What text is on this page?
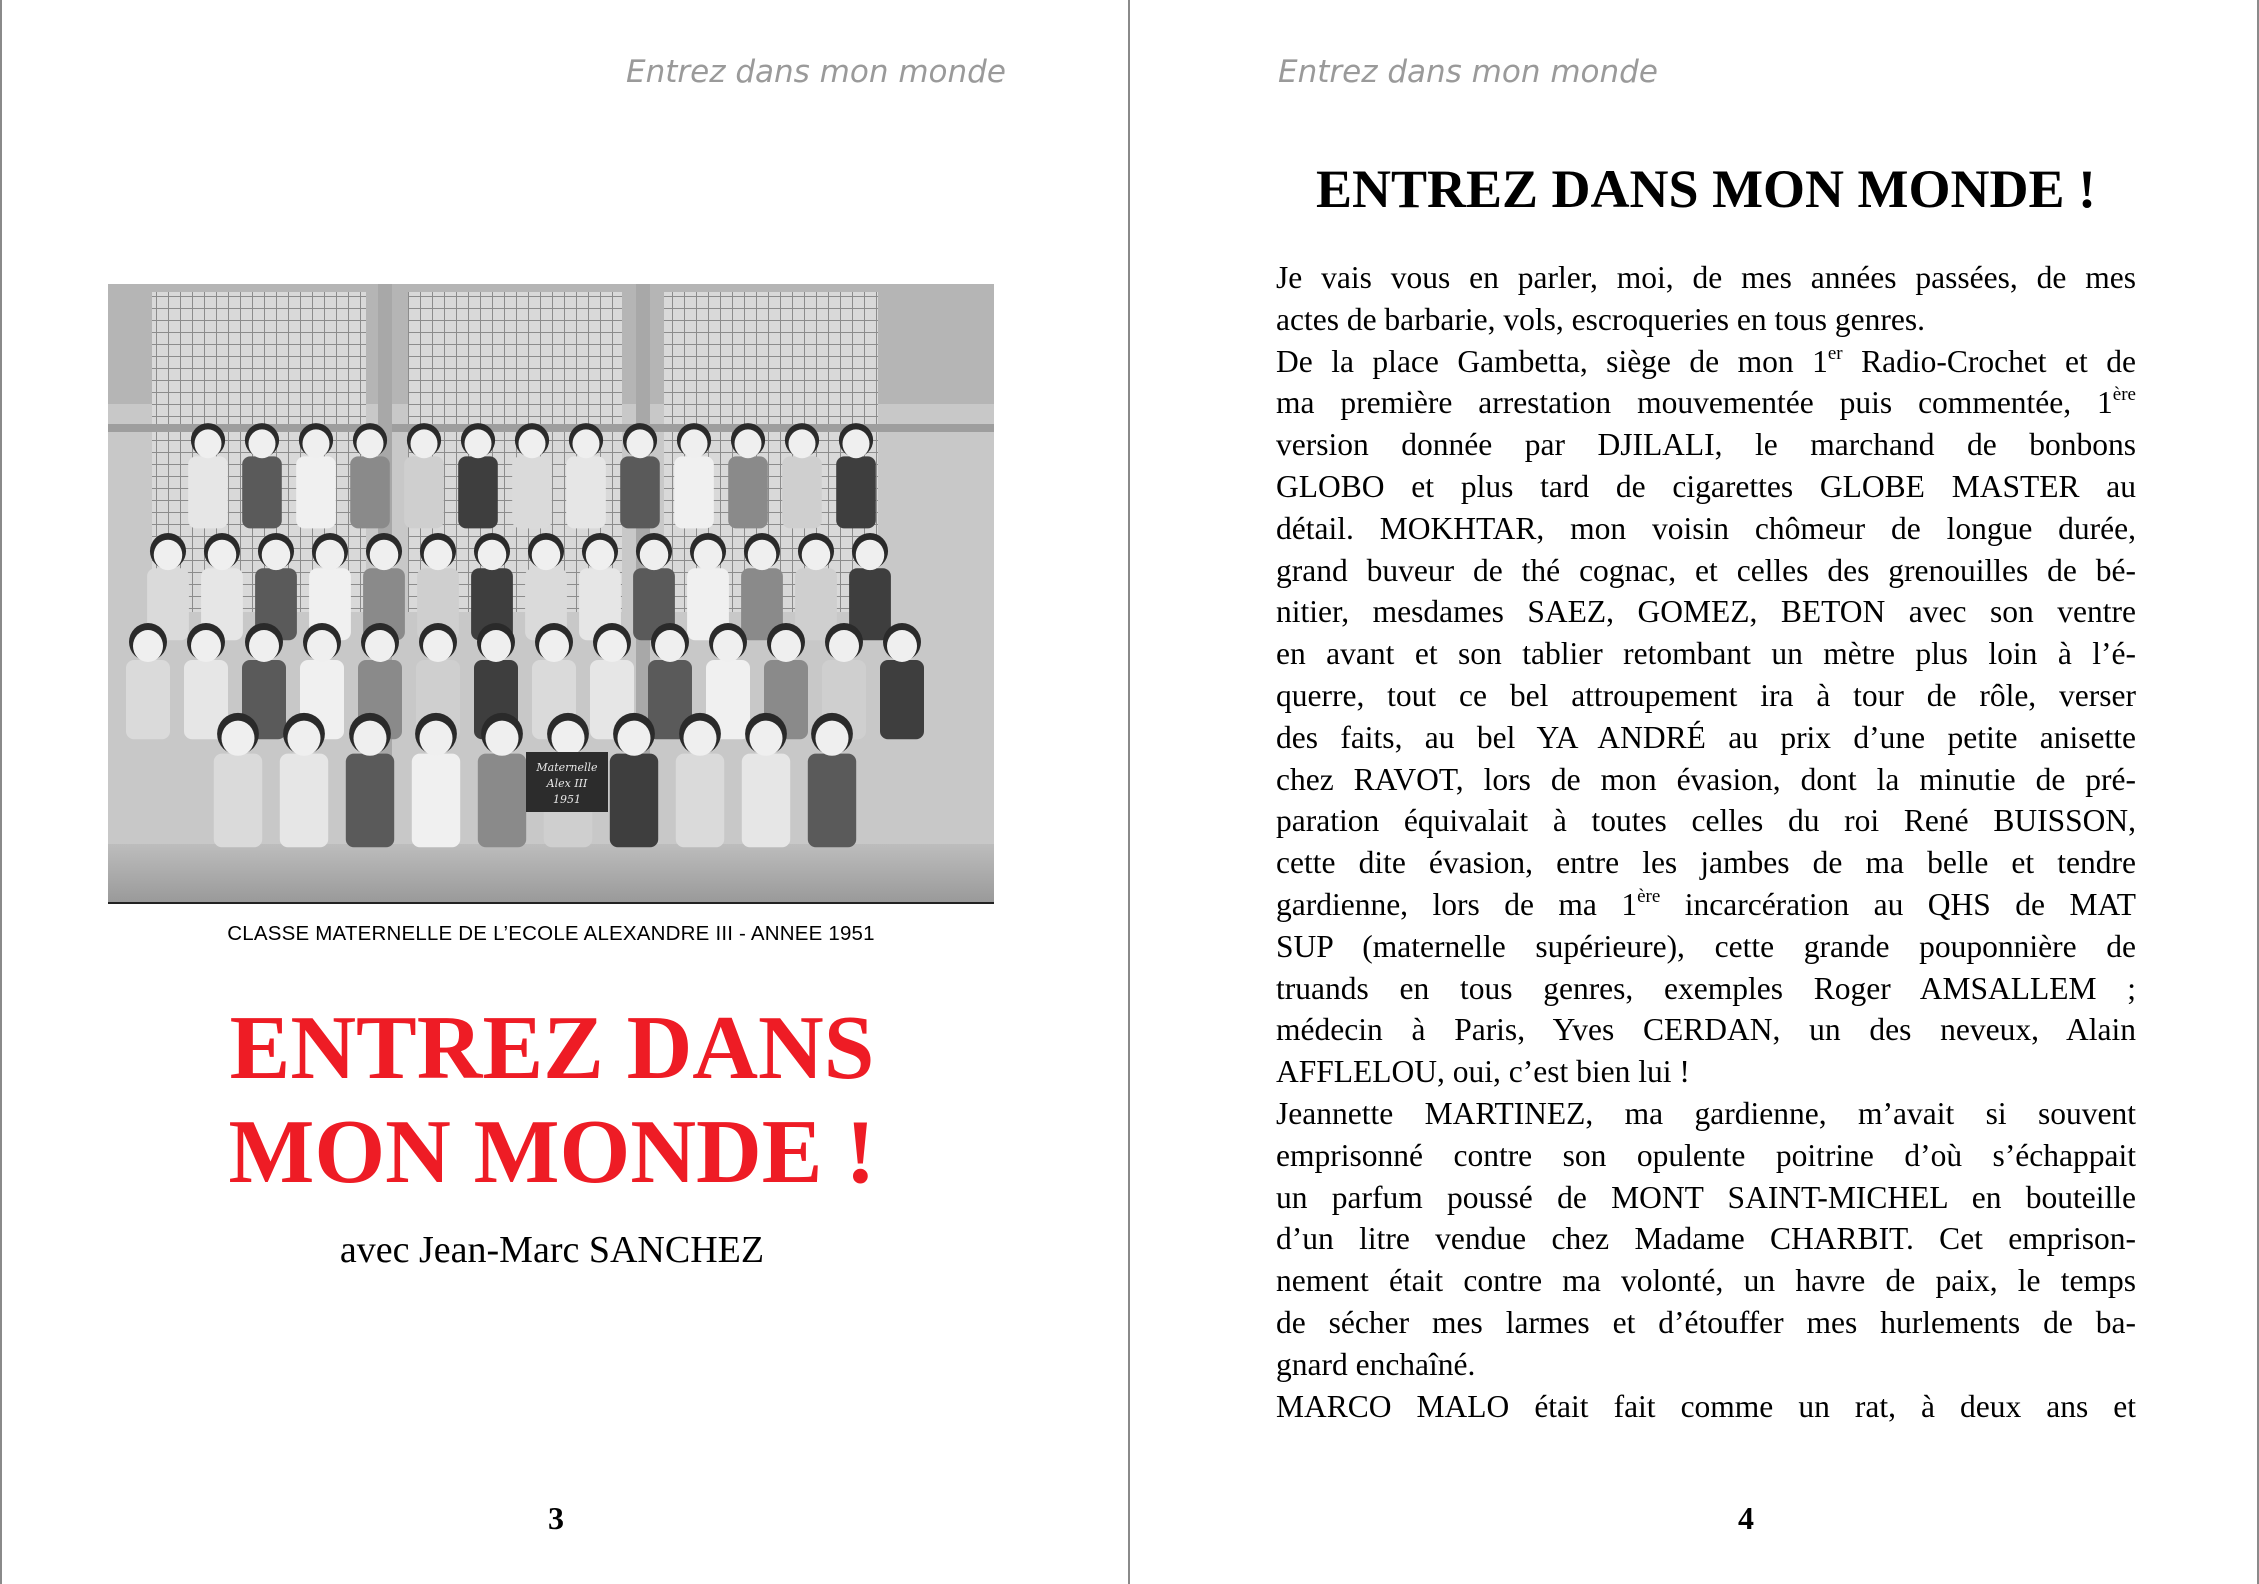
Entrez dans mon monde
Maternelle
Alex III
1951
CLASSE MATERNELLE DE L’ECOLE ALEXANDRE III - ANNEE 1951
ENTREZ DANS
MON MONDE !
avec Jean-Marc SANCHEZ
3
Entrez dans mon monde
ENTREZ DANS MON MONDE !
Je vais vous en parler, moi, de mes années passées, de mes
actes de barbarie, vols, escroqueries en tous genres.
De la place Gambetta, siège de mon 1er Radio-Crochet et de
ma première arrestation mouvementée puis commentée, 1ère
version donnée par DJILALI, le marchand de bonbons
GLOBO et plus tard de cigarettes GLOBE MASTER au
détail. MOKHTAR, mon voisin chômeur de longue durée,
grand buveur de thé cognac, et celles des grenouilles de bé-
nitier, mesdames SAEZ, GOMEZ, BETON avec son ventre
en avant et son tablier retombant un mètre plus loin à l’é-
querre, tout ce bel attroupement ira à tour de rôle, verser
des faits, au bel YA ANDRÉ au prix d’une petite anisette
chez RAVOT, lors de mon évasion, dont la minutie de pré-
paration équivalait à toutes celles du roi René BUISSON,
cette dite évasion, entre les jambes de ma belle et tendre
gardienne, lors de ma 1ère incarcération au QHS de MAT
SUP (maternelle supérieure), cette grande pouponnière de
truands en tous genres, exemples Roger AMSALLEM ;
médecin à Paris, Yves CERDAN, un des neveux, Alain
AFFLELOU, oui, c’est bien lui !
Jeannette MARTINEZ, ma gardienne, m’avait si souvent
emprisonné contre son opulente poitrine d’où s’échappait
un parfum poussé de MONT SAINT-MICHEL en bouteille
d’un litre vendue chez Madame CHARBIT. Cet emprison-
nement était contre ma volonté, un havre de paix, le temps
de sécher mes larmes et d’étouffer mes hurlements de ba-
gnard enchaîné.
MARCO MALO était fait comme un rat, à deux ans et
4
